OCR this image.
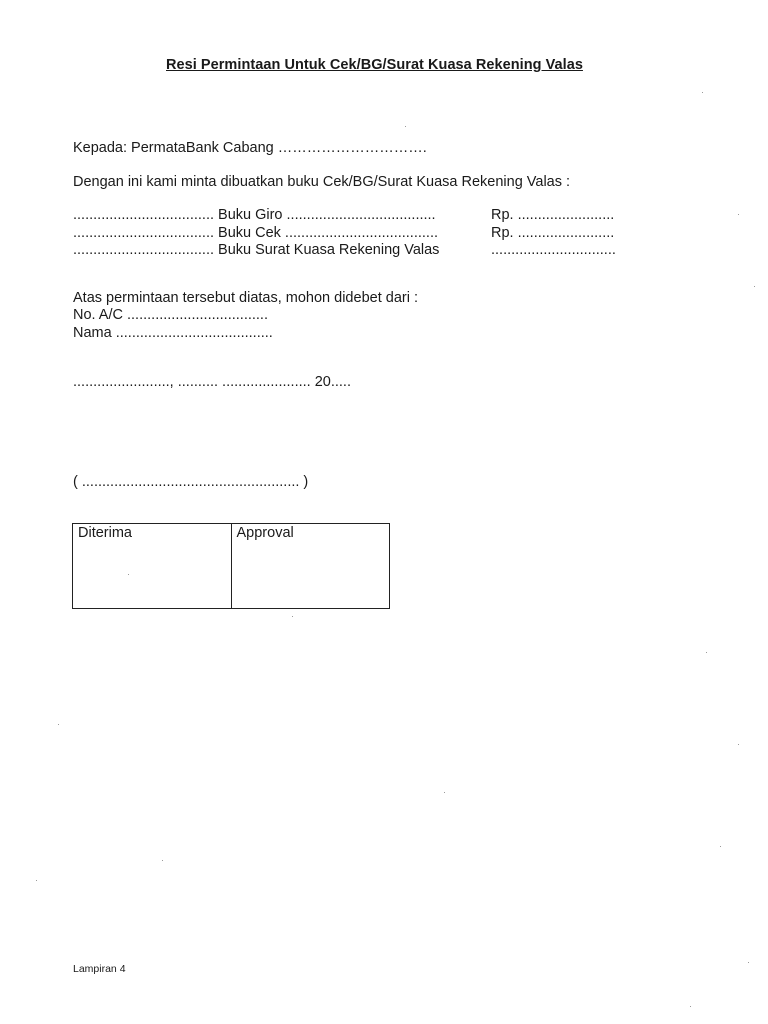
Resi Permintaan Untuk Cek/BG/Surat Kuasa Rekening Valas
Kepada: PermataBank Cabang ………………………….
Dengan ini kami minta dibuatkan buku Cek/BG/Surat Kuasa Rekening Valas :
................................... Buku Giro .....................................	Rp. ........................
................................... Buku Cek ......................................	Rp. ........................
................................... Buku Surat Kuasa Rekening Valas	...............................
Atas permintaan tersebut diatas, mohon didebet dari :
No. A/C ...................................
Nama .......................................
........................, .......... ...................... 20.....
( ...................................................... )
Diterima	Approval
Lampiran 4
